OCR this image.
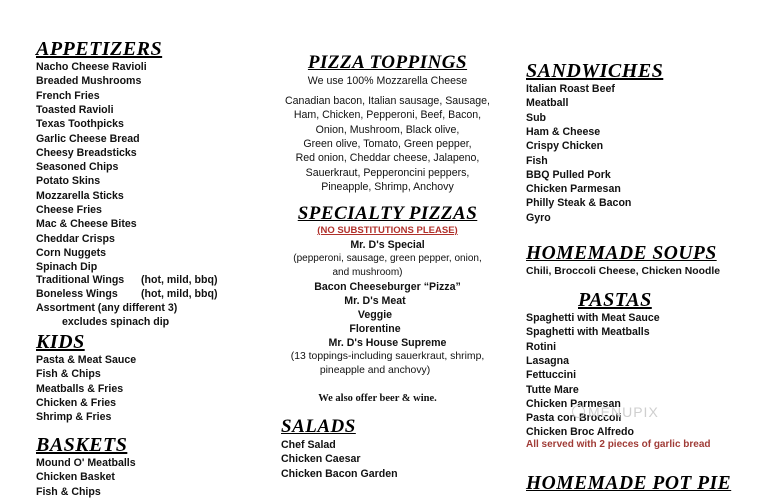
APPETIZERS
Nacho Cheese Ravioli
Breaded Mushrooms
French Fries
Toasted Ravioli
Texas Toothpicks
Garlic Cheese Bread
Cheesy Breadsticks
Seasoned Chips
Potato Skins
Mozzarella Sticks
Cheese Fries
Mac & Cheese Bites
Cheddar Crisps
Corn Nuggets
Spinach Dip
Traditional Wings (hot, mild, bbq)
Boneless Wings (hot, mild, bbq)
Assortment (any different 3)
excludes spinach dip
KIDS
Pasta & Meat Sauce
Fish & Chips
Meatballs & Fries
Chicken & Fries
Shrimp & Fries
BASKETS
Mound O' Meatballs
Chicken Basket
Fish & Chips
PIZZA TOPPINGS
We use 100% Mozzarella Cheese
Canadian bacon, Italian sausage, Sausage,
Ham, Chicken, Pepperoni, Beef, Bacon,
Onion, Mushroom, Black olive,
Green olive, Tomato, Green pepper,
Red onion, Cheddar cheese, Jalapeno,
Sauerkraut, Pepperoncini peppers,
Pineapple, Shrimp, Anchovy
SPECIALTY PIZZAS
(NO SUBSTITUTIONS PLEASE)
Mr. D's Special
(pepperoni, sausage, green pepper, onion,
and mushroom)
Bacon Cheeseburger “Pizza”
Mr. D's Meat
Veggie
Florentine
Mr. D's House Supreme
(13 toppings-including sauerkraut, shrimp,
pineapple and anchovy)
We also offer beer & wine.
SALADS
Chef Salad
Chicken Caesar
Chicken Bacon Garden
SANDWICHES
Italian Roast Beef
Meatball
Sub
Ham & Cheese
Crispy Chicken
Fish
BBQ Pulled Pork
Chicken Parmesan
Philly Steak & Bacon
Gyro
HOMEMADE SOUPS
Chili, Broccoli Cheese, Chicken Noodle
PASTAS
Spaghetti with Meat Sauce
Spaghetti with Meatballs
Rotini
Lasagna
Fettuccini
Tutte Mare
Chicken Parmesan
Pasta con Broccoli
Chicken Broc Alfredo
All served with 2 pieces of garlic bread
HOMEMADE POT PIE
MENUPIX
